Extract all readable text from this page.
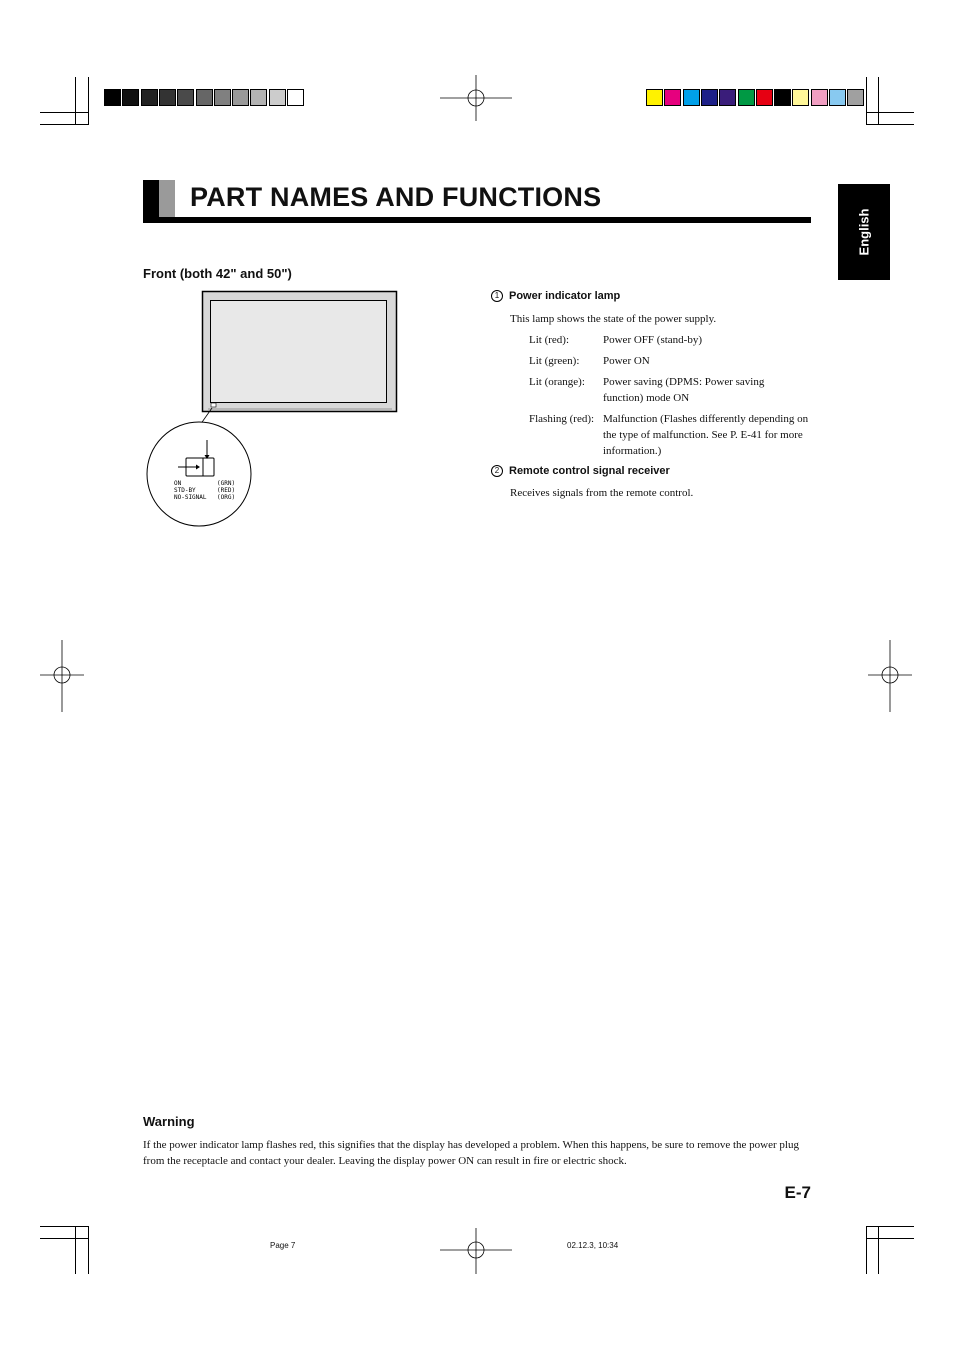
PART NAMES AND FUNCTIONS
English
Front (both 42" and 50")
ON	(GRN)
STD-BY	(RED)
NO-SIGNAL (ORG)
1 Power indicator lamp
This lamp shows the state of the power supply.
Lit (red):	Power OFF (stand-by)
Lit (green):	Power ON
Lit (orange):	Power saving (DPMS: Power saving function) mode ON
Flashing (red): Malfunction (Flashes differently depending on the type of malfunction. See P. E-41 for more information.)
2 Remote control signal receiver
Receives signals from the remote control.
Warning
If the power indicator lamp flashes red, this signifies that the display has developed a problem. When this happens, be sure to remove the power plug from the receptacle and contact your dealer. Leaving the display power ON can result in fire or electric shock.
E-7
Page 7	02.12.3, 10:34
